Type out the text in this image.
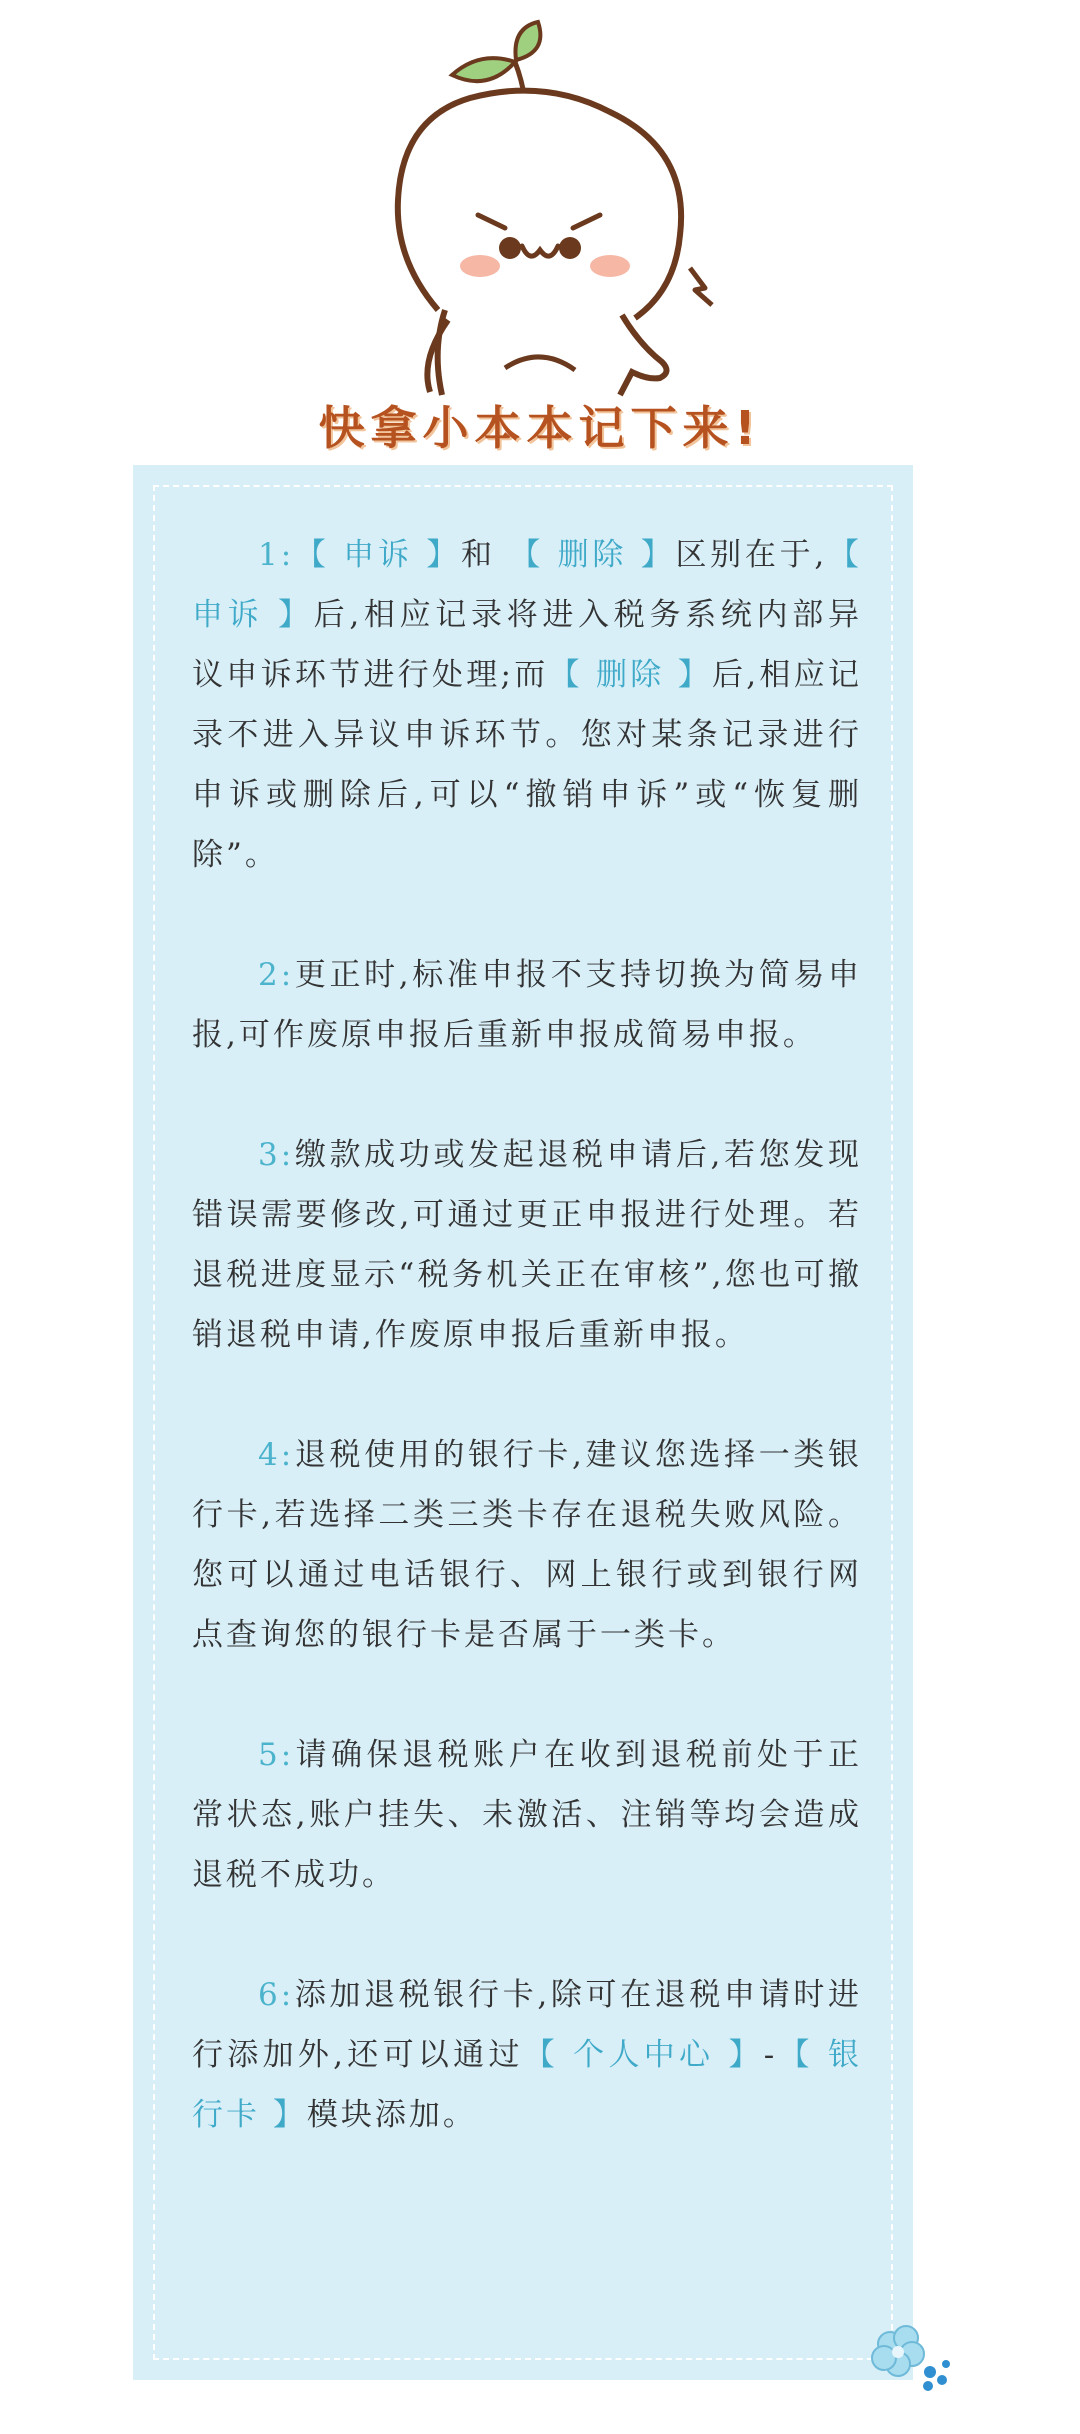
快拿小本本记下来!

1:【 申诉 】和 【 删除 】区别在于,【 申诉 】后,相应记录将进入税务系统内部异议申诉环节进行处理;而【 删除 】后,相应记录不进入异议申诉环节。您对某条记录进行申诉或删除后,可以“撤销申诉”或“恢复删除”。

2:更正时,标准申报不支持切换为简易申报,可作废原申报后重新申报成简易申报。

3:缴款成功或发起退税申请后,若您发现错误需要修改,可通过更正申报进行处理。若退税进度显示“税务机关正在审核”,您也可撤销退税申请,作废原申报后重新申报。

4:退税使用的银行卡,建议您选择一类银行卡,若选择二类三类卡存在退税失败风险。您可以通过电话银行、网上银行或到银行网点查询您的银行卡是否属于一类卡。

5:请确保退税账户在收到退税前处于正常状态,账户挂失、未激活、注销等均会造成退税不成功。

6:添加退税银行卡,除可在退税申请时进行添加外,还可以通过【 个人中心 】-【 银行卡 】模块添加。
